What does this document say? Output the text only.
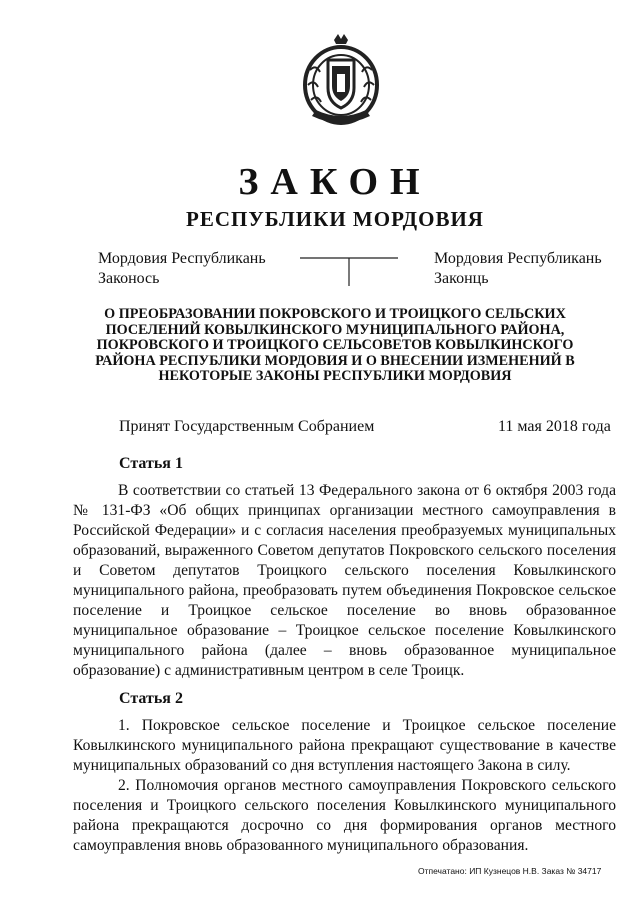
ЗАКОН
РЕСПУБЛИКИ МОРДОВИЯ
Мордовия Республикань
Законось
Мордовия Республикань
Законць
О ПРЕОБРАЗОВАНИИ ПОКРОВСКОГО И ТРОИЦКОГО СЕЛЬСКИХ ПОСЕЛЕНИЙ КОВЫЛКИНСКОГО МУНИЦИПАЛЬНОГО РАЙОНА, ПОКРОВСКОГО И ТРОИЦКОГО СЕЛЬСОВЕТОВ КОВЫЛКИНСКОГО РАЙОНА РЕСПУБЛИКИ МОРДОВИЯ И О ВНЕСЕНИИ ИЗМЕНЕНИЙ В НЕКОТОРЫЕ ЗАКОНЫ РЕСПУБЛИКИ МОРДОВИЯ
Принят Государственным Собранием	11 мая 2018 года
Статья 1
В соответствии со статьей 13 Федерального закона от 6 октября 2003 года № 131-ФЗ «Об общих принципах организации местного самоуправления в Российской Федерации» и с согласия населения преобразуемых муниципальных образований, выраженного Советом депутатов Покровского сельского поселения и Советом депутатов Троицкого сельского поселения Ковылкинского муниципального района, преобразовать путем объединения Покровское сельское поселение и Троицкое сельское поселение во вновь образованное муниципальное образование – Троицкое сельское поселение Ковылкинского муниципального района (далее – вновь образованное муниципальное образование) с административным центром в селе Троицк.
Статья 2
1. Покровское сельское поселение и Троицкое сельское поселение Ковылкинского муниципального района прекращают существование в качестве муниципальных образований со дня вступления настоящего Закона в силу.
2. Полномочия органов местного самоуправления Покровского сельского поселения и Троицкого сельского поселения Ковылкинского муниципального района прекращаются досрочно со дня формирования органов местного самоуправления вновь образованного муниципального образования.
Отпечатано: ИП Кузнецов Н.В. Заказ № 34717
